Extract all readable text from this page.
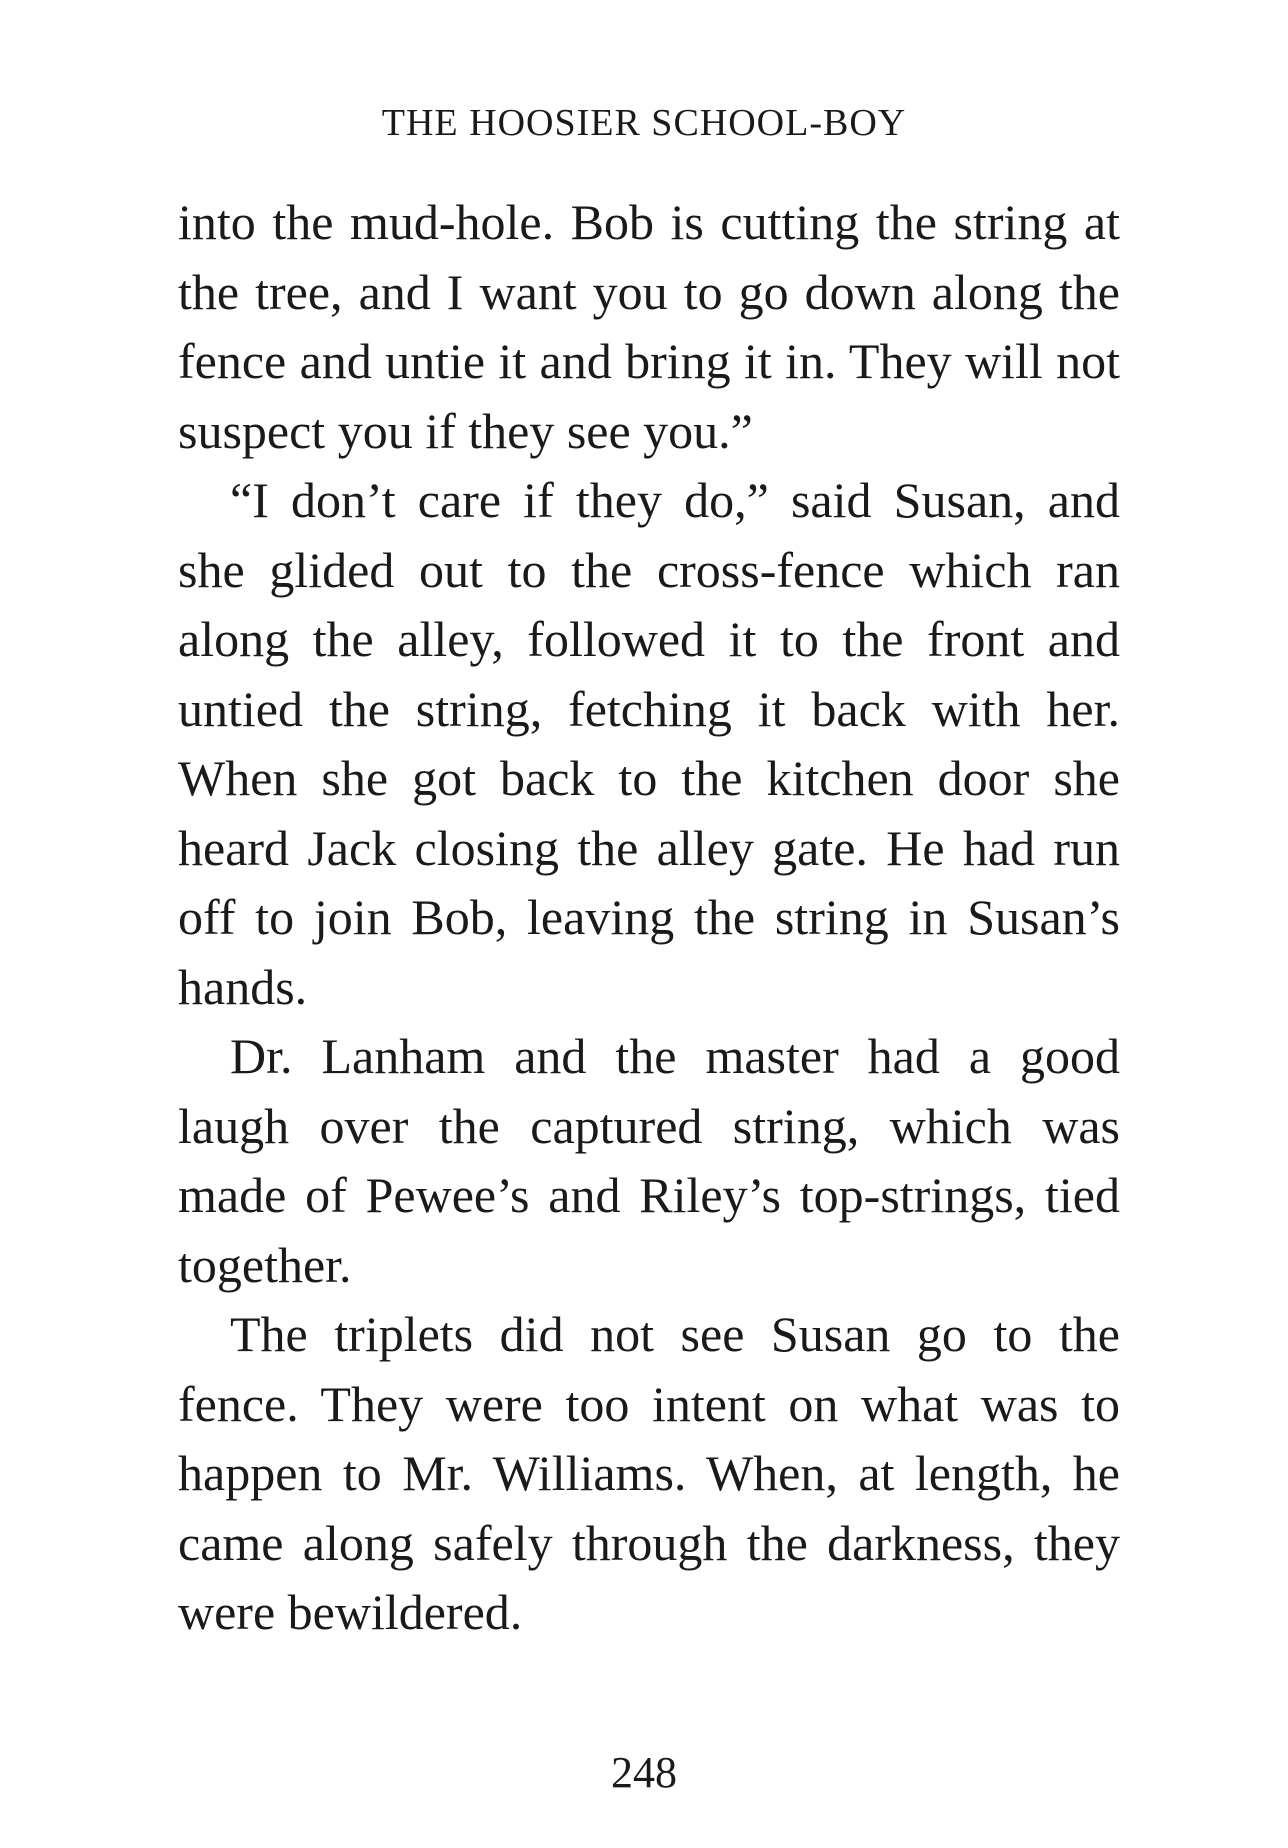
THE HOOSIER SCHOOL-BOY

into the mud-hole. Bob is cutting the string at the tree, and I want you to go down along the fence and untie it and bring it in. They will not suspect you if they see you.”

“I don’t care if they do,” said Susan, and she glided out to the cross-fence which ran along the alley, followed it to the front and untied the string, fetching it back with her. When she got back to the kitchen door she heard Jack closing the alley gate. He had run off to join Bob, leaving the string in Susan’s hands.

Dr. Lanham and the master had a good laugh over the captured string, which was made of Pewee’s and Riley’s top-strings, tied together.

The triplets did not see Susan go to the fence. They were too intent on what was to happen to Mr. Williams. When, at length, he came along safely through the darkness, they were bewildered.

248
